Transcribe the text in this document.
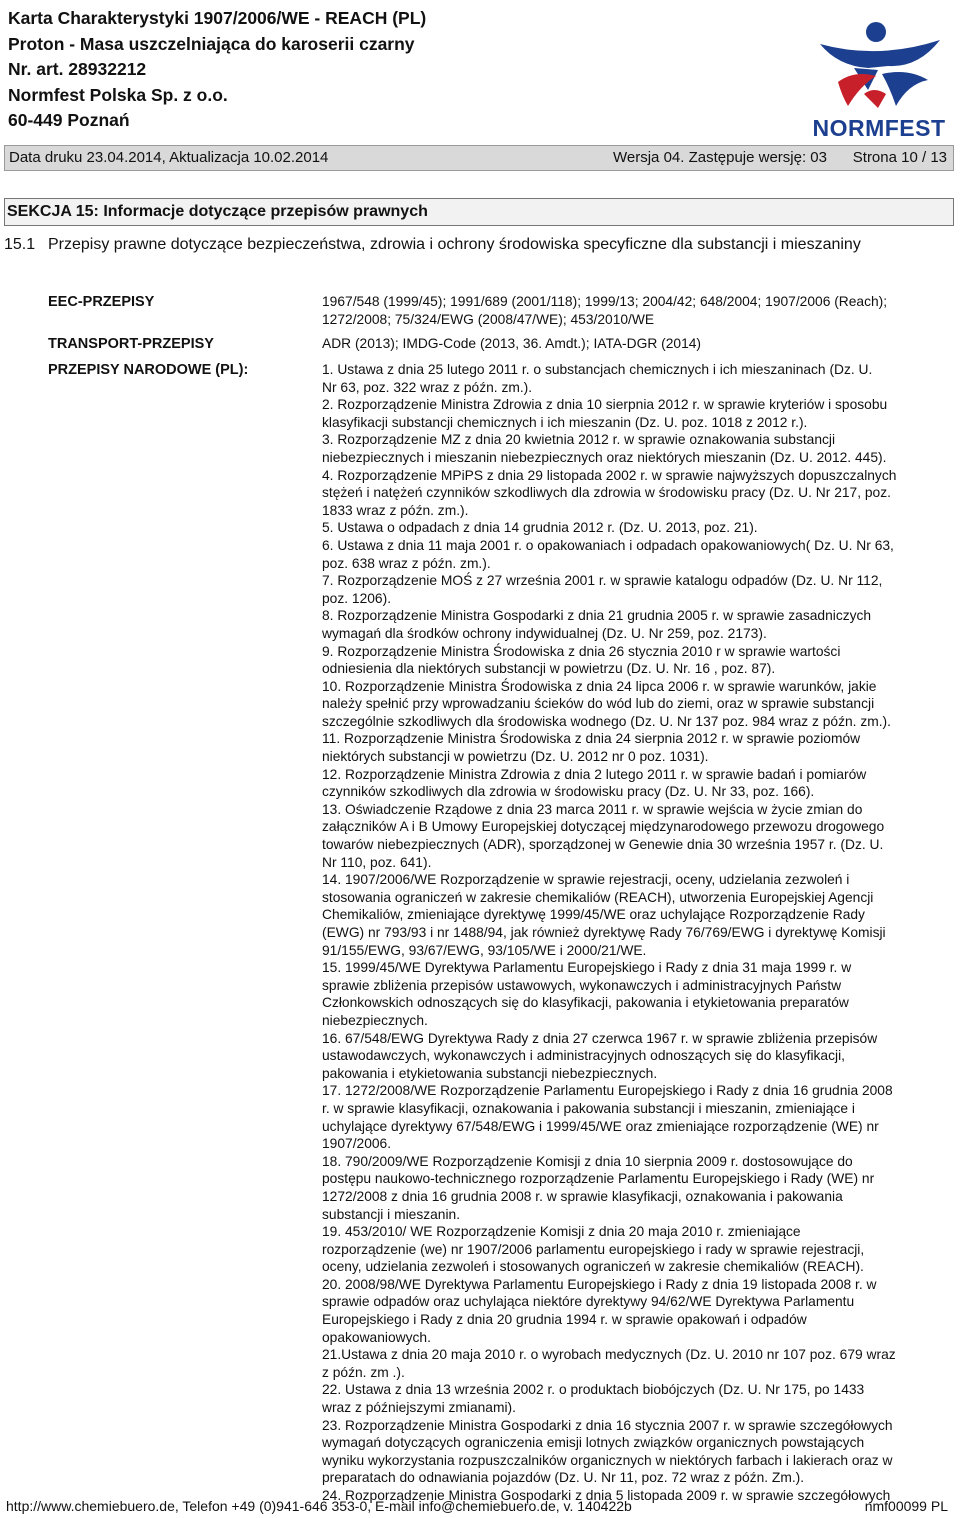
Karta Charakterystyki 1907/2006/WE - REACH (PL)
Proton - Masa uszczelniająca do karoserii czarny
Nr. art. 28932212
Normfest Polska Sp. z o.o.
60-449 Poznań	NORMFEST
Data druku 23.04.2014, Aktualizacja 10.02.2014	Wersja 04. Zastępuje wersję: 03 Strona 10 / 13
SEKCJA 15: Informacje dotyczące przepisów prawnych
15.1 Przepisy prawne dotyczące bezpieczeństwa, zdrowia i ochrony środowiska specyficzne dla substancji i mieszaniny
EEC-PRZEPISY	1967/548 (1999/45); 1991/689 (2001/118); 1999/13; 2004/42; 648/2004; 1907/2006 (Reach); 1272/2008; 75/324/EWG (2008/47/WE); 453/2010/WE
TRANSPORT-PRZEPISY	ADR (2013); IMDG-Code (2013, 36. Amdt.); IATA-DGR (2014)
PRZEPISY NARODOWE (PL):	1. Ustawa z dnia 25 lutego 2011 r. o substancjach chemicznych i ich mieszaninach (Dz. U.
Nr 63, poz. 322 wraz z późn. zm.).
2. Rozporządzenie Ministra Zdrowia z dnia 10 sierpnia 2012 r. w sprawie kryteriów i sposobu
klasyfikacji substancji chemicznych i ich mieszanin (Dz. U. poz. 1018 z 2012 r.).
3. Rozporządzenie MZ z dnia 20 kwietnia 2012 r. w sprawie oznakowania substancji
niebezpiecznych i mieszanin niebezpiecznych oraz niektórych mieszanin (Dz. U. 2012. 445).
4. Rozporządzenie MPiPS z dnia 29 listopada 2002 r. w sprawie najwyższych dopuszczalnych
stężeń i natężeń czynników szkodliwych dla zdrowia w środowisku pracy (Dz. U. Nr 217, poz.
1833 wraz z późn. zm.).
5. Ustawa o odpadach z dnia 14 grudnia 2012 r. (Dz. U. 2013, poz. 21).
6. Ustawa z dnia 11 maja 2001 r. o opakowaniach i odpadach opakowaniowych( Dz. U. Nr 63,
poz. 638 wraz z późn. zm.).
7. Rozporządzenie MOŚ z 27 września 2001 r. w sprawie katalogu odpadów (Dz. U. Nr 112,
poz. 1206).
8. Rozporządzenie Ministra Gospodarki z dnia 21 grudnia 2005 r. w sprawie zasadniczych
wymagań dla środków ochrony indywidualnej (Dz. U. Nr 259, poz. 2173).
9. Rozporządzenie Ministra Środowiska z dnia 26 stycznia 2010 r w sprawie wartości
odniesienia dla niektórych substancji w powietrzu (Dz. U. Nr. 16 , poz. 87).
10. Rozporządzenie Ministra Środowiska z dnia 24 lipca 2006 r. w sprawie warunków, jakie
należy spełnić przy wprowadzaniu ścieków do wód lub do ziemi, oraz w sprawie substancji
szczególnie szkodliwych dla środowiska wodnego (Dz. U. Nr 137 poz. 984 wraz z późn. zm.).
11. Rozporządzenie Ministra Środowiska z dnia 24 sierpnia 2012 r. w sprawie poziomów
niektórych substancji w powietrzu (Dz. U. 2012 nr 0 poz. 1031).
12. Rozporządzenie Ministra Zdrowia z dnia 2 lutego 2011 r. w sprawie badań i pomiarów
czynników szkodliwych dla zdrowia w środowisku pracy (Dz. U. Nr 33, poz. 166).
13. Oświadczenie Rządowe z dnia 23 marca 2011 r. w sprawie wejścia w życie zmian do
załączników A i B Umowy Europejskiej dotyczącej międzynarodowego przewozu drogowego
towarów niebezpiecznych (ADR), sporządzonej w Genewie dnia 30 września 1957 r. (Dz. U.
Nr 110, poz. 641).
14. 1907/2006/WE Rozporządzenie w sprawie rejestracji, oceny, udzielania zezwoleń i
stosowania ograniczeń w zakresie chemikaliów (REACH), utworzenia Europejskiej Agencji
Chemikaliów, zmieniające dyrektywę 1999/45/WE oraz uchylające Rozporządzenie Rady
(EWG) nr 793/93 i nr 1488/94, jak również dyrektywę Rady 76/769/EWG i dyrektywę Komisji
91/155/EWG, 93/67/EWG, 93/105/WE i 2000/21/WE.
15. 1999/45/WE Dyrektywa Parlamentu Europejskiego i Rady z dnia 31 maja 1999 r. w
sprawie zbliżenia przepisów ustawowych, wykonawczych i administracyjnych Państw
Członkowskich odnoszących się do klasyfikacji, pakowania i etykietowania preparatów
niebezpiecznych.
16. 67/548/EWG Dyrektywa Rady z dnia 27 czerwca 1967 r. w sprawie zbliżenia przepisów
ustawodawczych, wykonawczych i administracyjnych odnoszących się do klasyfikacji,
pakowania i etykietowania substancji niebezpiecznych.
17. 1272/2008/WE Rozporządzenie Parlamentu Europejskiego i Rady z dnia 16 grudnia 2008
r. w sprawie klasyfikacji, oznakowania i pakowania substancji i mieszanin, zmieniające i
uchylające dyrektywy 67/548/EWG i 1999/45/WE oraz zmieniające rozporządzenie (WE) nr
1907/2006.
18. 790/2009/WE Rozporządzenie Komisji z dnia 10 sierpnia 2009 r. dostosowujące do
postępu naukowo-technicznego rozporządzenie Parlamentu Europejskiego i Rady (WE) nr
1272/2008 z dnia 16 grudnia 2008 r. w sprawie klasyfikacji, oznakowania i pakowania
substancji i mieszanin.
19. 453/2010/ WE Rozporządzenie Komisji z dnia 20 maja 2010 r. zmieniające
rozporządzenie (we) nr 1907/2006 parlamentu europejskiego i rady w sprawie rejestracji,
oceny, udzielania zezwoleń i stosowanych ograniczeń w zakresie chemikaliów (REACH).
20. 2008/98/WE Dyrektywa Parlamentu Europejskiego i Rady z dnia 19 listopada 2008 r. w
sprawie odpadów oraz uchylająca niektóre dyrektywy 94/62/WE Dyrektywa Parlamentu
Europejskiego i Rady z dnia 20 grudnia 1994 r. w sprawie opakowań i odpadów
opakowaniowych.
21.Ustawa z dnia 20 maja 2010 r. o wyrobach medycznych (Dz. U. 2010 nr 107 poz. 679 wraz
z późn. zm .).
22. Ustawa z dnia 13 września 2002 r. o produktach biobójczych (Dz. U. Nr 175, po 1433
wraz z późniejszymi zmianami).
23. Rozporządzenie Ministra Gospodarki z dnia 16 stycznia 2007 r. w sprawie szczegółowych
wymagań dotyczących ograniczenia emisji lotnych związków organicznych powstających
wyniku wykorzystania rozpuszczalników organicznych w niektórych farbach i lakierach oraz w
preparatach do odnawiania pojazdów (Dz. U. Nr 11, poz. 72 wraz z późn. Zm.).
24. Rozporządzenie Ministra Gospodarki z dnia 5 listopada 2009 r. w sprawie szczegółowych
http://www.chemiebuero.de, Telefon +49 (0)941-646 353-0, E-mail info@chemiebuero.de, v. 140422b	nmf00099 PL
